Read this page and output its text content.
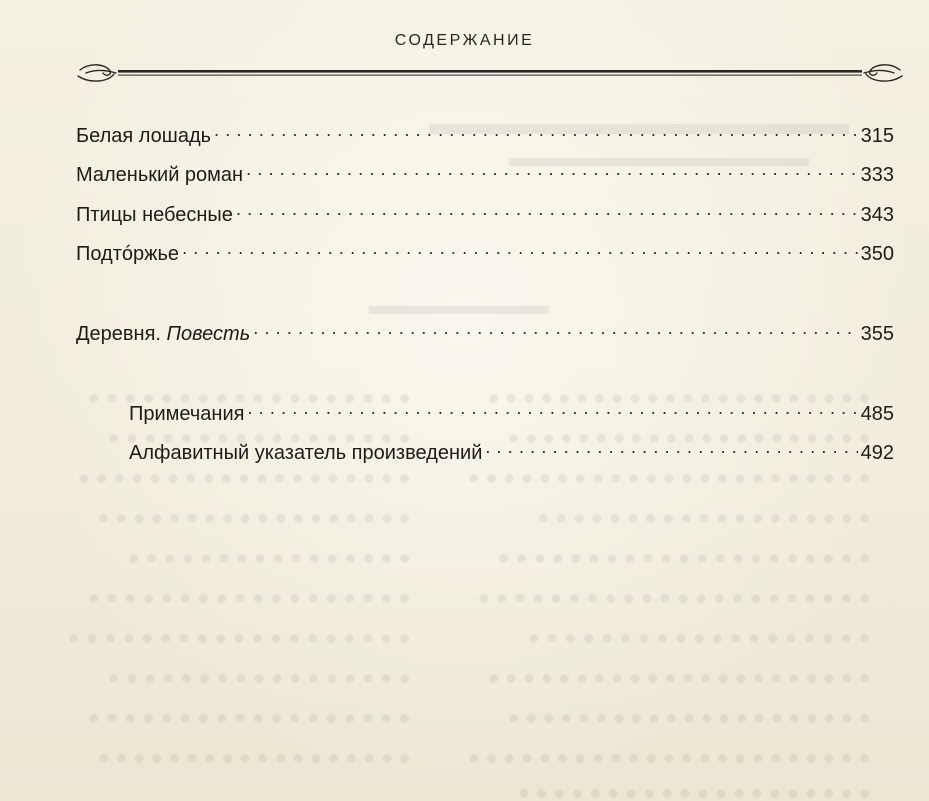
СОДЕРЖАНИЕ
Белая лошадь . . .	315
Маленький роман . . .	333
Птицы небесные . . .	343
Подтóржье . . .	350
Деревня. Повесть . . .	355
Примечания . . .	485
Алфавитный указатель произведений . . .	492
